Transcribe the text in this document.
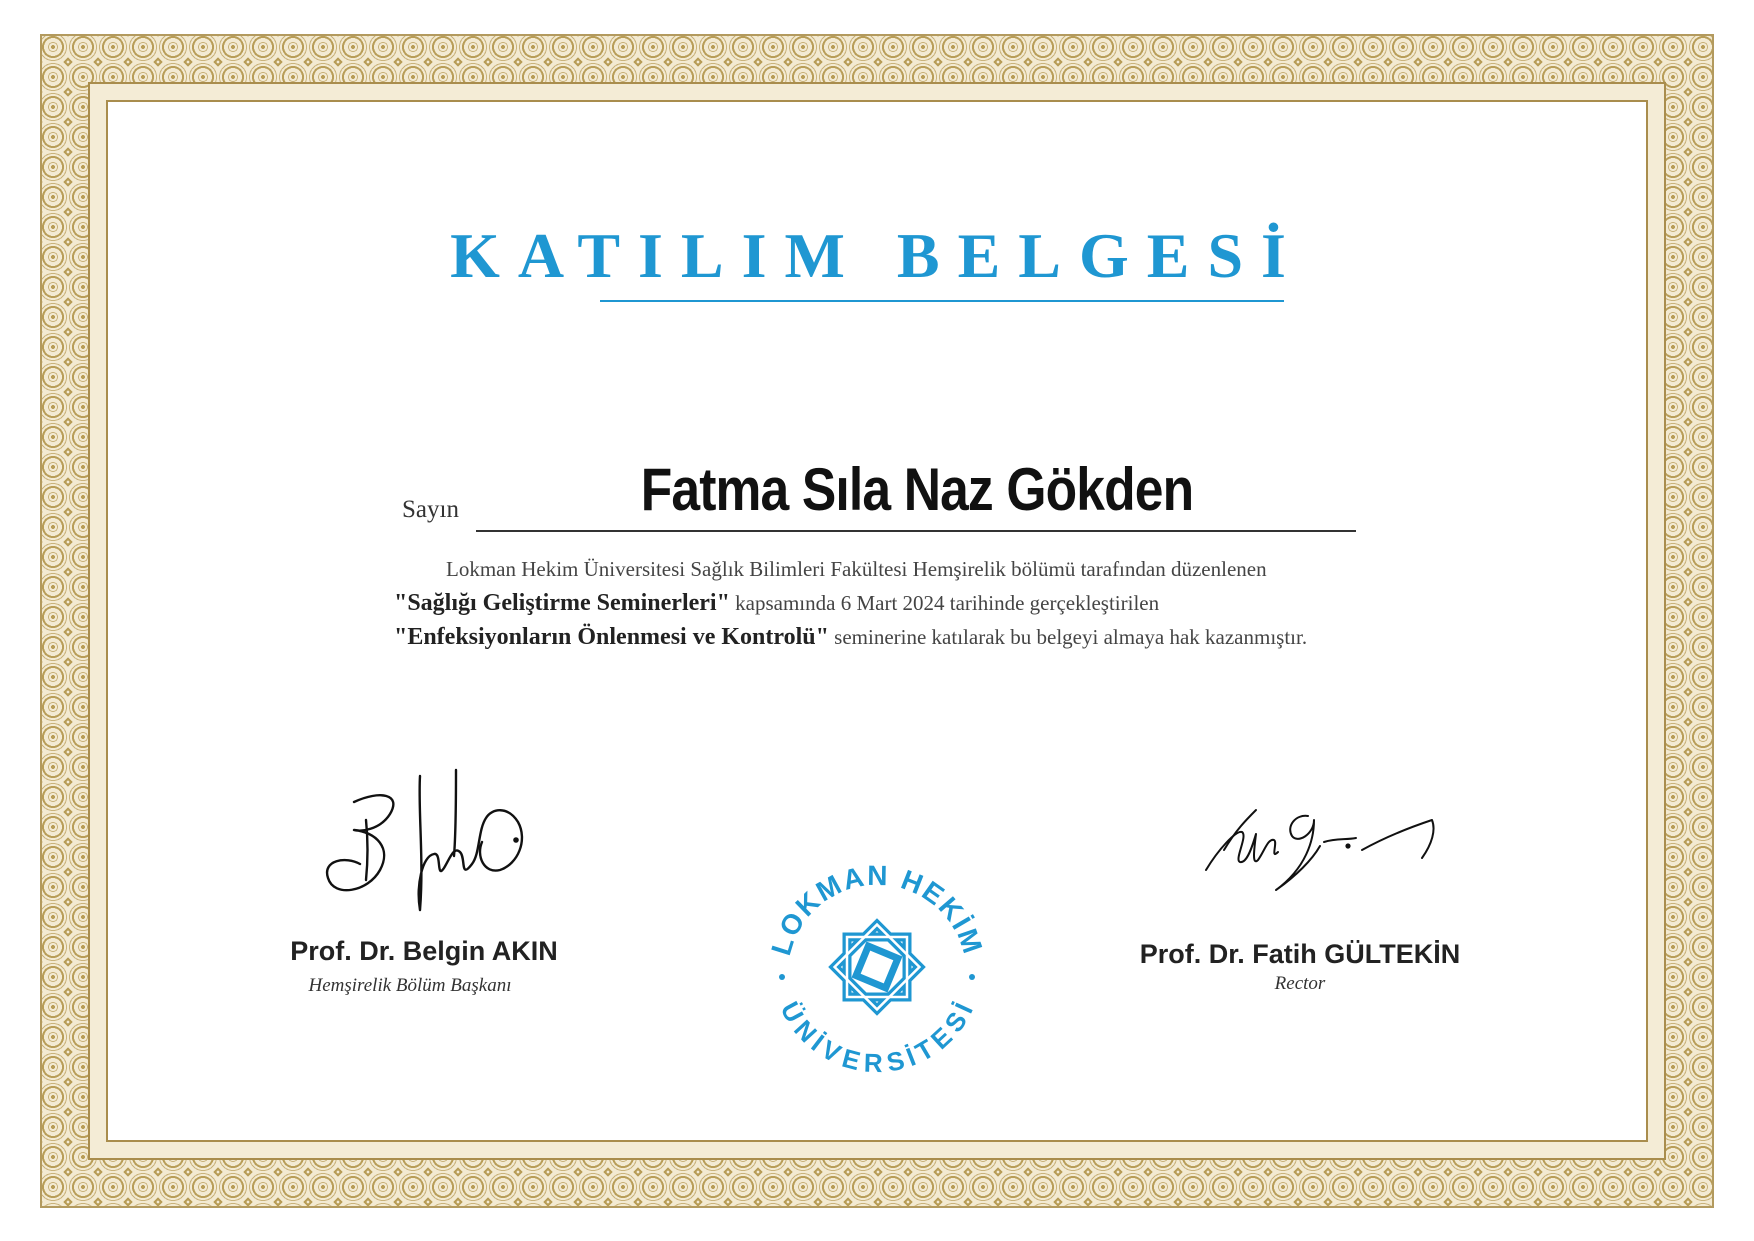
KATILIM BELGESİ
Sayın	Fatma Sıla Naz Gökden
Lokman Hekim Üniversitesi Sağlık Bilimleri Fakültesi Hemşirelik bölümü tarafından düzenlenen
"Sağlığı Geliştirme Seminerleri" kapsamında 6 Mart 2024 tarihinde gerçekleştirilen
"Enfeksiyonların Önlenmesi ve Kontrolü" seminerine katılarak bu belgeyi almaya hak kazanmıştır.
Prof. Dr. Belgin AKIN
Hemşirelik Bölüm Başkanı
Prof. Dr. Fatih GÜLTEKİN
Rector
LOKMAN HEKİM
ÜNİVERSİTESİ
